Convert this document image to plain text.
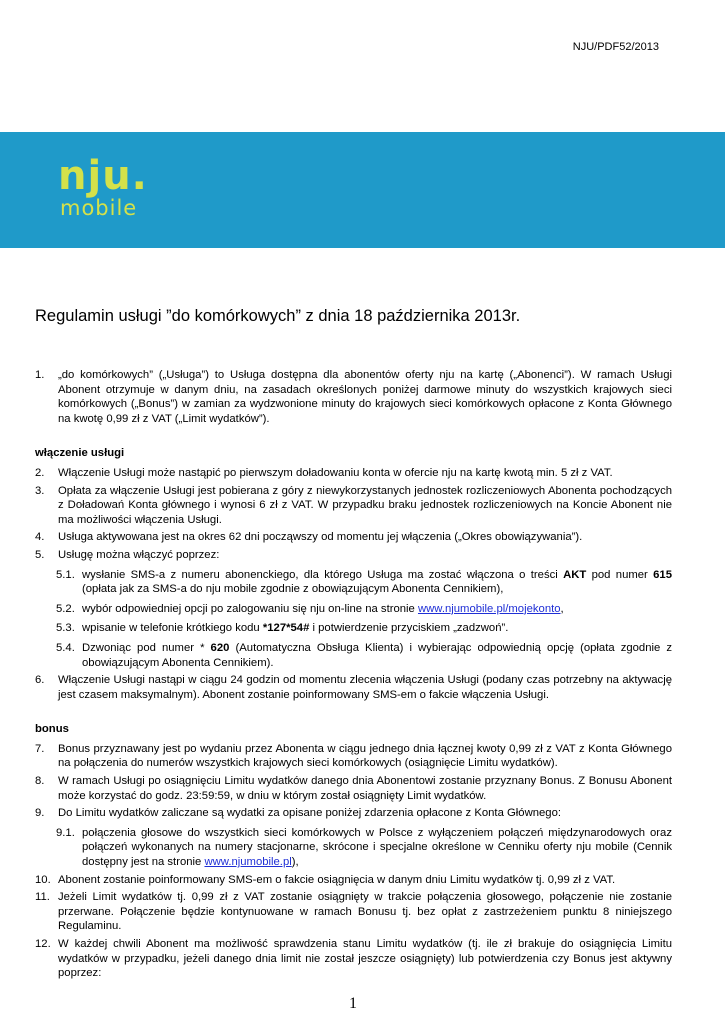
NJU/PDF52/2013
nju.
mobile
Regulamin usługi ”do komórkowych” z dnia 18 października 2013r.
1. „do komórkowych” („Usługa”) to Usługa dostępna dla abonentów oferty nju na kartę („Abonenci”). W ramach Usługi Abonent otrzymuje w danym dniu, na zasadach określonych poniżej darmowe minuty do wszystkich krajowych sieci komórkowych („Bonus”) w zamian za wydzwonione minuty do krajowych sieci komórkowych opłacone z Konta Głównego na kwotę 0,99 zł z VAT („Limit wydatków”).
włączenie usługi
2. Włączenie Usługi może nastąpić po pierwszym doładowaniu konta w ofercie nju na kartę kwotą min. 5 zł z VAT.
3. Opłata za włączenie Usługi jest pobierana z góry z niewykorzystanych jednostek rozliczeniowych Abonenta pochodzących z Doładowań Konta głównego i wynosi 6 zł z VAT. W przypadku braku jednostek rozliczeniowych na Koncie Abonent nie ma możliwości włączenia Usługi.
4. Usługa aktywowana jest na okres 62 dni począwszy od momentu jej włączenia („Okres obowiązywania”).
5. Usługę można włączyć poprzez:
5.1. wysłanie SMS-a z numeru abonenckiego, dla którego Usługa ma zostać włączona o treści AKT pod numer 615 (opłata jak za SMS-a do nju mobile zgodnie z obowiązującym Abonenta Cennikiem),
5.2. wybór odpowiedniej opcji po zalogowaniu się nju on-line na stronie www.njumobile.pl/mojekonto,
5.3. wpisanie w telefonie krótkiego kodu *127*54# i potwierdzenie przyciskiem „zadzwoń”.
5.4. Dzwoniąc pod numer * 620 (Automatyczna Obsługa Klienta) i wybierając odpowiednią opcję (opłata zgodnie z obowiązującym Abonenta Cennikiem).
6. Włączenie Usługi nastąpi w ciągu 24 godzin od momentu zlecenia włączenia Usługi (podany czas potrzebny na aktywację jest czasem maksymalnym). Abonent zostanie poinformowany SMS-em o fakcie włączenia Usługi.
bonus
7. Bonus przyznawany jest po wydaniu przez Abonenta w ciągu jednego dnia łącznej kwoty 0,99 zł z VAT z Konta Głównego na połączenia do numerów wszystkich krajowych sieci komórkowych (osiągnięcie Limitu wydatków).
8. W ramach Usługi po osiągnięciu Limitu wydatków danego dnia Abonentowi zostanie przyznany Bonus. Z Bonusu Abonent może korzystać do godz. 23:59:59, w dniu w którym został osiągnięty Limit wydatków.
9. Do Limitu wydatków zaliczane są wydatki za opisane poniżej zdarzenia opłacone z Konta Głównego:
9.1. połączenia głosowe do wszystkich sieci komórkowych w Polsce z wyłączeniem połączeń międzynarodowych oraz połączeń wykonanych na numery stacjonarne, skrócone i specjalne określone w Cenniku oferty nju mobile (Cennik dostępny jest na stronie www.njumobile.pl),
10. Abonent zostanie poinformowany SMS-em o fakcie osiągnięcia w danym dniu Limitu wydatków tj. 0,99 zł z VAT.
11. Jeżeli Limit wydatków tj. 0,99 zł z VAT zostanie osiągnięty w trakcie połączenia głosowego, połączenie nie zostanie przerwane. Połączenie będzie kontynuowane w ramach Bonusu tj. bez opłat z zastrzeżeniem punktu 8 niniejszego Regulaminu.
12. W każdej chwili Abonent ma możliwość sprawdzenia stanu Limitu wydatków (tj. ile zł brakuje do osiągnięcia Limitu wydatków w przypadku, jeżeli danego dnia limit nie został jeszcze osiągnięty) lub potwierdzenia czy Bonus jest aktywny poprzez:
1
